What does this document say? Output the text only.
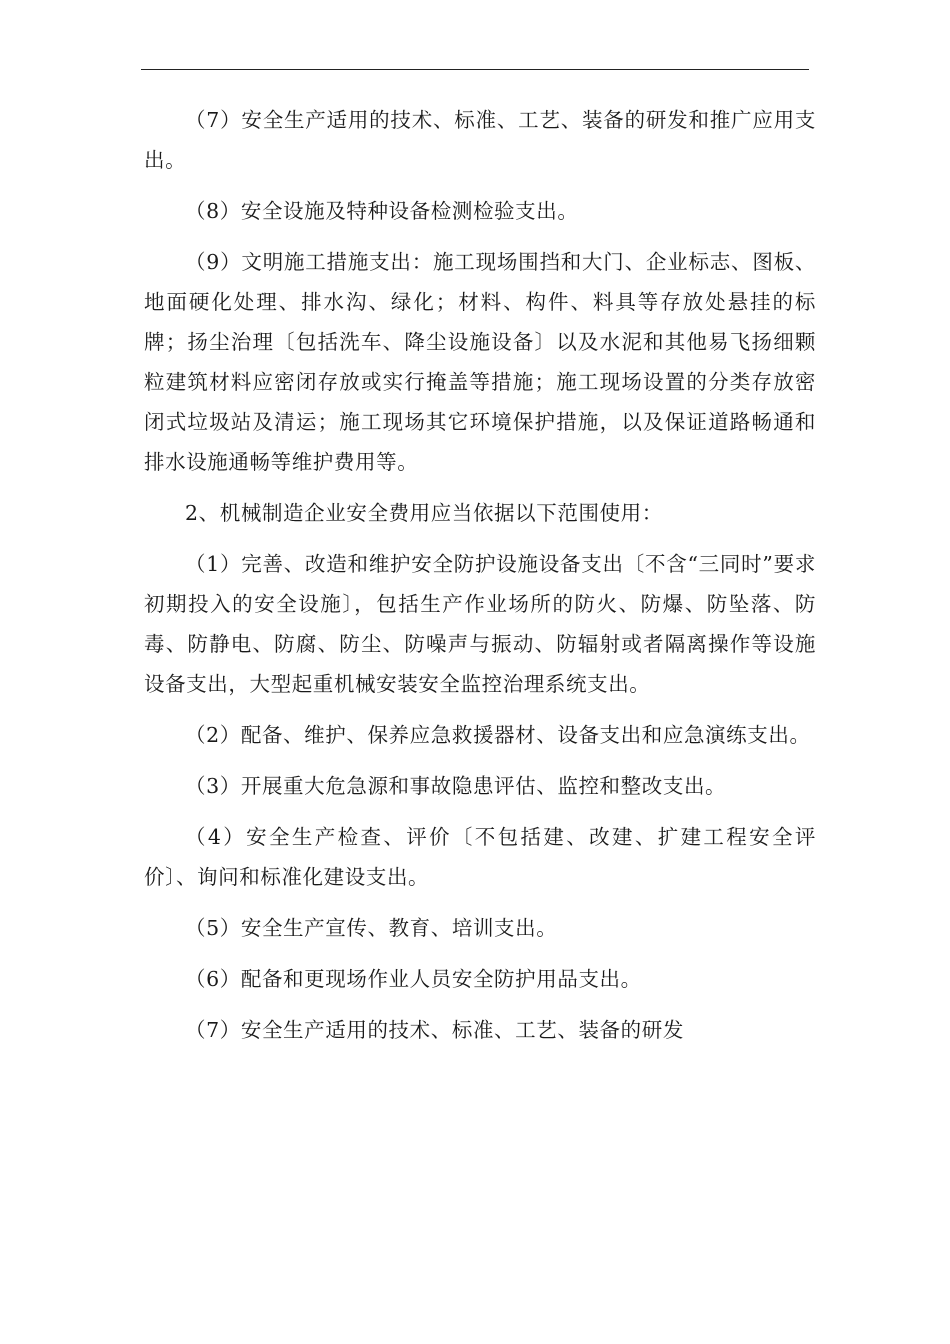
（7）安全生产适用的技术、标准、工艺、装备的研发和推广应用支出。

（8）安全设施及特种设备检测检验支出。

（9）文明施工措施支出：施工现场围挡和大门、企业标志、图板、地面硬化处理、排水沟、绿化；材料、构件、料具等存放处悬挂的标牌；扬尘治理〔包括洗车、降尘设施设备〕以及水泥和其他易飞扬细颗粒建筑材料应密闭存放或实行掩盖等措施；施工现场设置的分类存放密闭式垃圾站及清运；施工现场其它环境保护措施，以及保证道路畅通和排水设施通畅等维护费用等。

2、机械制造企业安全费用应当依据以下范围使用：

（1）完善、改造和维护安全防护设施设备支出〔不含“三同时”要求初期投入的安全设施〕，包括生产作业场所的防火、防爆、防坠落、防毒、防静电、防腐、防尘、防噪声与振动、防辐射或者隔离操作等设施设备支出，大型起重机械安装安全监控治理系统支出。

（2）配备、维护、保养应急救援器材、设备支出和应急演练支出。

（3）开展重大危急源和事故隐患评估、监控和整改支出。

（4）安全生产检查、评价〔不包括建、改建、扩建工程安全评价〕、询问和标准化建设支出。

（5）安全生产宣传、教育、培训支出。

（6）配备和更现场作业人员安全防护用品支出。

（7）安全生产适用的技术、标准、工艺、装备的研发
